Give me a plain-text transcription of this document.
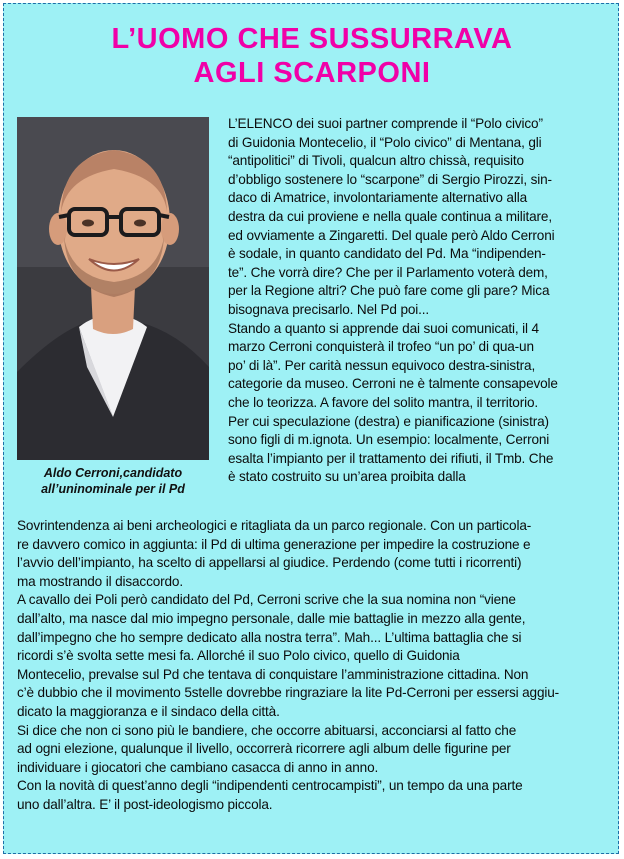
L’UOMO CHE SUSSURRAVA
AGLI SCARPONI
Aldo Cerroni,candidato
all’uninominale per il Pd
L’ELENCO dei suoi partner comprende il “Polo civico”
di Guidonia Montecelio, il “Polo civico” di Mentana, gli
“antipolitici” di Tivoli, qualcun altro chissà, requisito
d’obbligo sostenere lo “scarpone” di Sergio Pirozzi, sin-
daco di Amatrice, involontariamente alternativo alla
destra da cui proviene e nella quale continua a militare,
ed ovviamente a Zingaretti. Del quale però Aldo Cerroni
è sodale, in quanto candidato del Pd. Ma “indipenden-
te”. Che vorrà dire? Che per il Parlamento voterà dem,
per la Regione altri? Che può fare come gli pare? Mica
bisognava precisarlo. Nel Pd poi...
Stando a quanto si apprende dai suoi comunicati, il 4
marzo Cerroni conquisterà il trofeo “un po’ di qua-un
po’ di là”. Per carità nessun equivoco destra-sinistra,
categorie da museo. Cerroni ne è talmente consapevole
che lo teorizza. A favore del solito mantra, il territorio.
Per cui speculazione (destra) e pianificazione (sinistra)
sono figli di m.ignota. Un esempio: localmente, Cerroni
esalta l’impianto per il trattamento dei rifiuti, il Tmb. Che
è stato costruito su un’area proibita dalla
Sovrintendenza ai beni archeologici e ritagliata da un parco regionale. Con un particola-
re davvero comico in aggiunta: il Pd di ultima generazione per impedire la costruzione e
l’avvio dell’impianto, ha scelto di appellarsi al giudice. Perdendo (come tutti i ricorrenti)
ma mostrando il disaccordo.
A cavallo dei Poli però candidato del Pd, Cerroni scrive che la sua nomina non “viene
dall’alto, ma nasce dal mio impegno personale, dalle mie battaglie in mezzo alla gente,
dall’impegno che ho sempre dedicato alla nostra terra”. Mah... L’ultima battaglia che si
ricordi s’è svolta sette mesi fa. Allorché il suo Polo civico, quello di Guidonia
Montecelio, prevalse sul Pd che tentava di conquistare l’amministrazione cittadina. Non
c’è dubbio che il movimento 5stelle dovrebbe ringraziare la lite Pd-Cerroni per essersi aggiu-
dicato la maggioranza e il sindaco della città.
Si dice che non ci sono più le bandiere, che occorre abituarsi, acconciarsi al fatto che
ad ogni elezione, qualunque il livello, occorrerà ricorrere agli album delle figurine per
individuare i giocatori che cambiano casacca di anno in anno.
Con la novità di quest’anno degli “indipendenti centrocampisti”, un tempo da una parte
uno dall’altra. E’ il post-ideologismo piccola.
